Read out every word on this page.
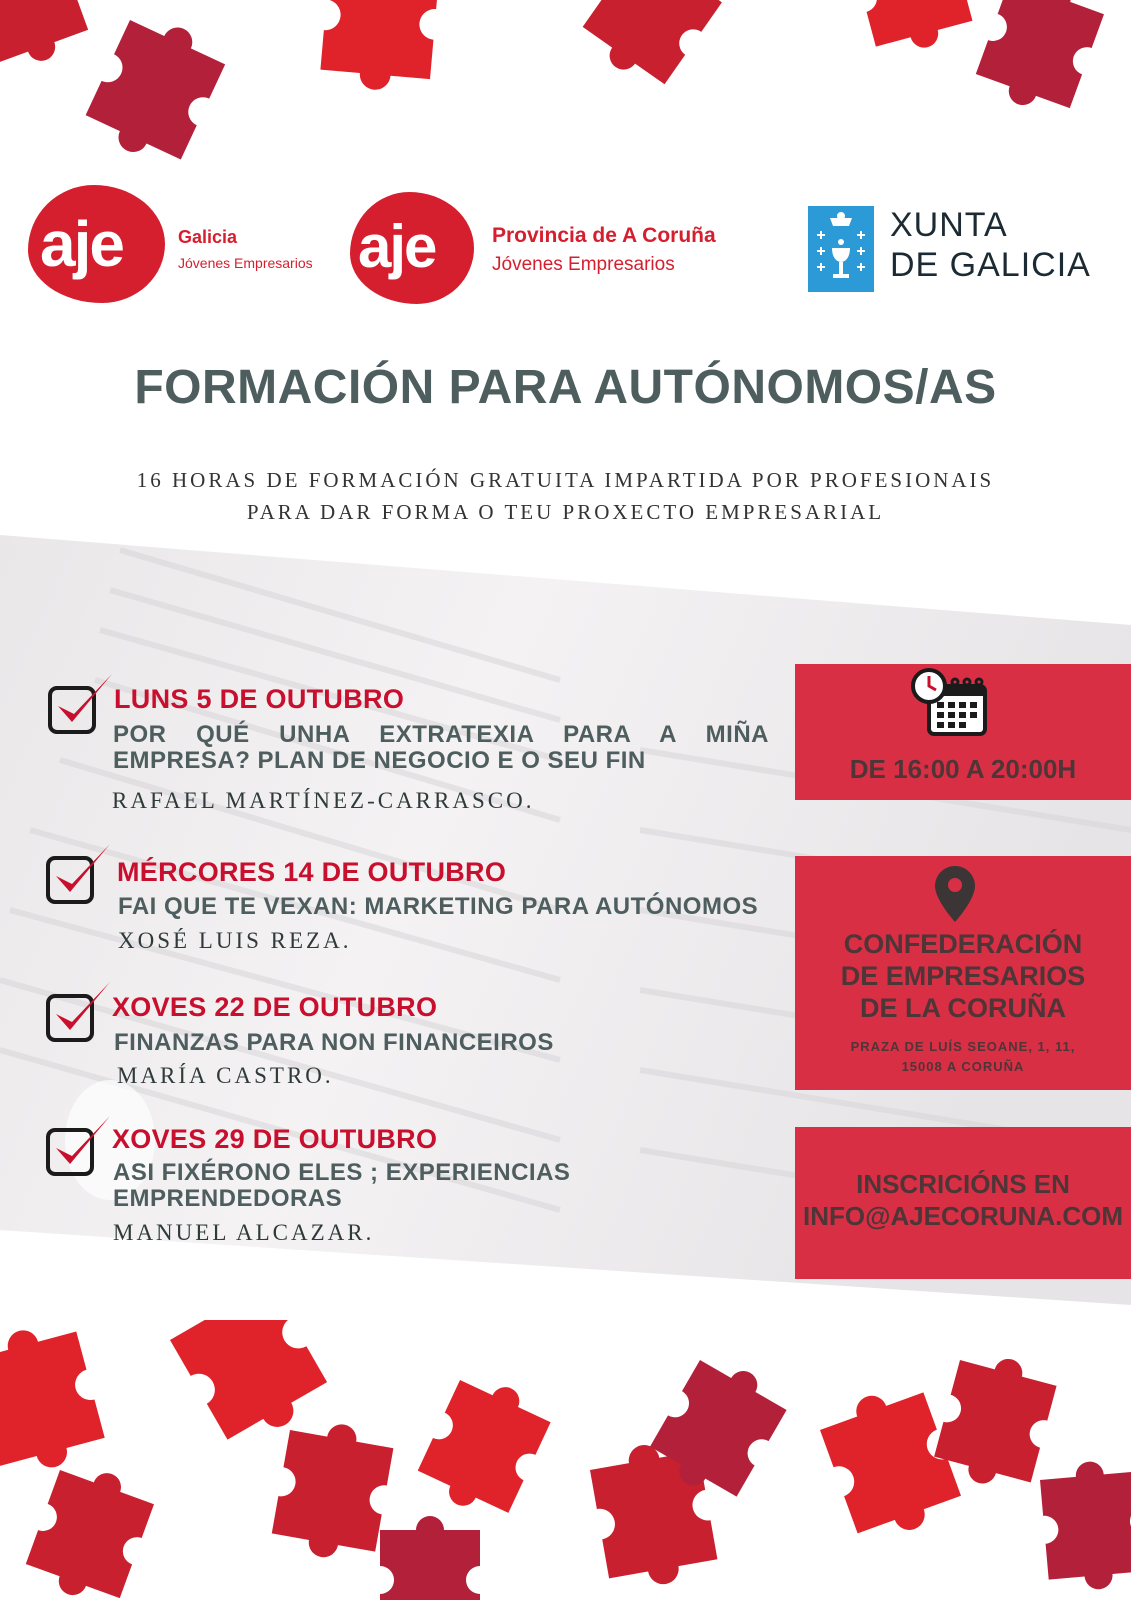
aje	Galicia
Jóvenes Empresarios aje	Provincia de A Coruña
Jóvenes Empresarios
XUNTA
DE GALICIA
FORMACIÓN PARA AUTÓNOMOS/AS
16 HORAS DE FORMACIÓN GRATUITA IMPARTIDA POR PROFESIONAIS
PARA DAR FORMA O TEU PROXECTO EMPRESARIAL
LUNS 5 DE OUTUBRO
POR QUÉ UNHA EXTRATEXIA PARA A MIÑA EMPRESA? PLAN DE NEGOCIO E O SEU FIN
RAFAEL MARTÍNEZ-CARRASCO.
MÉRCORES 14 DE OUTUBRO
FAI QUE TE VEXAN: MARKETING PARA AUTÓNOMOS
XOSÉ LUIS REZA.
XOVES 22 DE OUTUBRO
FINANZAS PARA NON FINANCEIROS
MARÍA CASTRO.
XOVES 29 DE OUTUBRO
ASI FIXÉRONO ELES ; EXPERIENCIAS EMPRENDEDORAS
MANUEL ALCAZAR.
DE 16:00 A 20:00H
CONFEDERACIÓN DE EMPRESARIOS DE LA CORUÑA
PRAZA DE LUÍS SEOANE, 1, 11,
15008 A CORUÑA
INSCRICIÓNS EN
INFO@AJECORUNA.COM
